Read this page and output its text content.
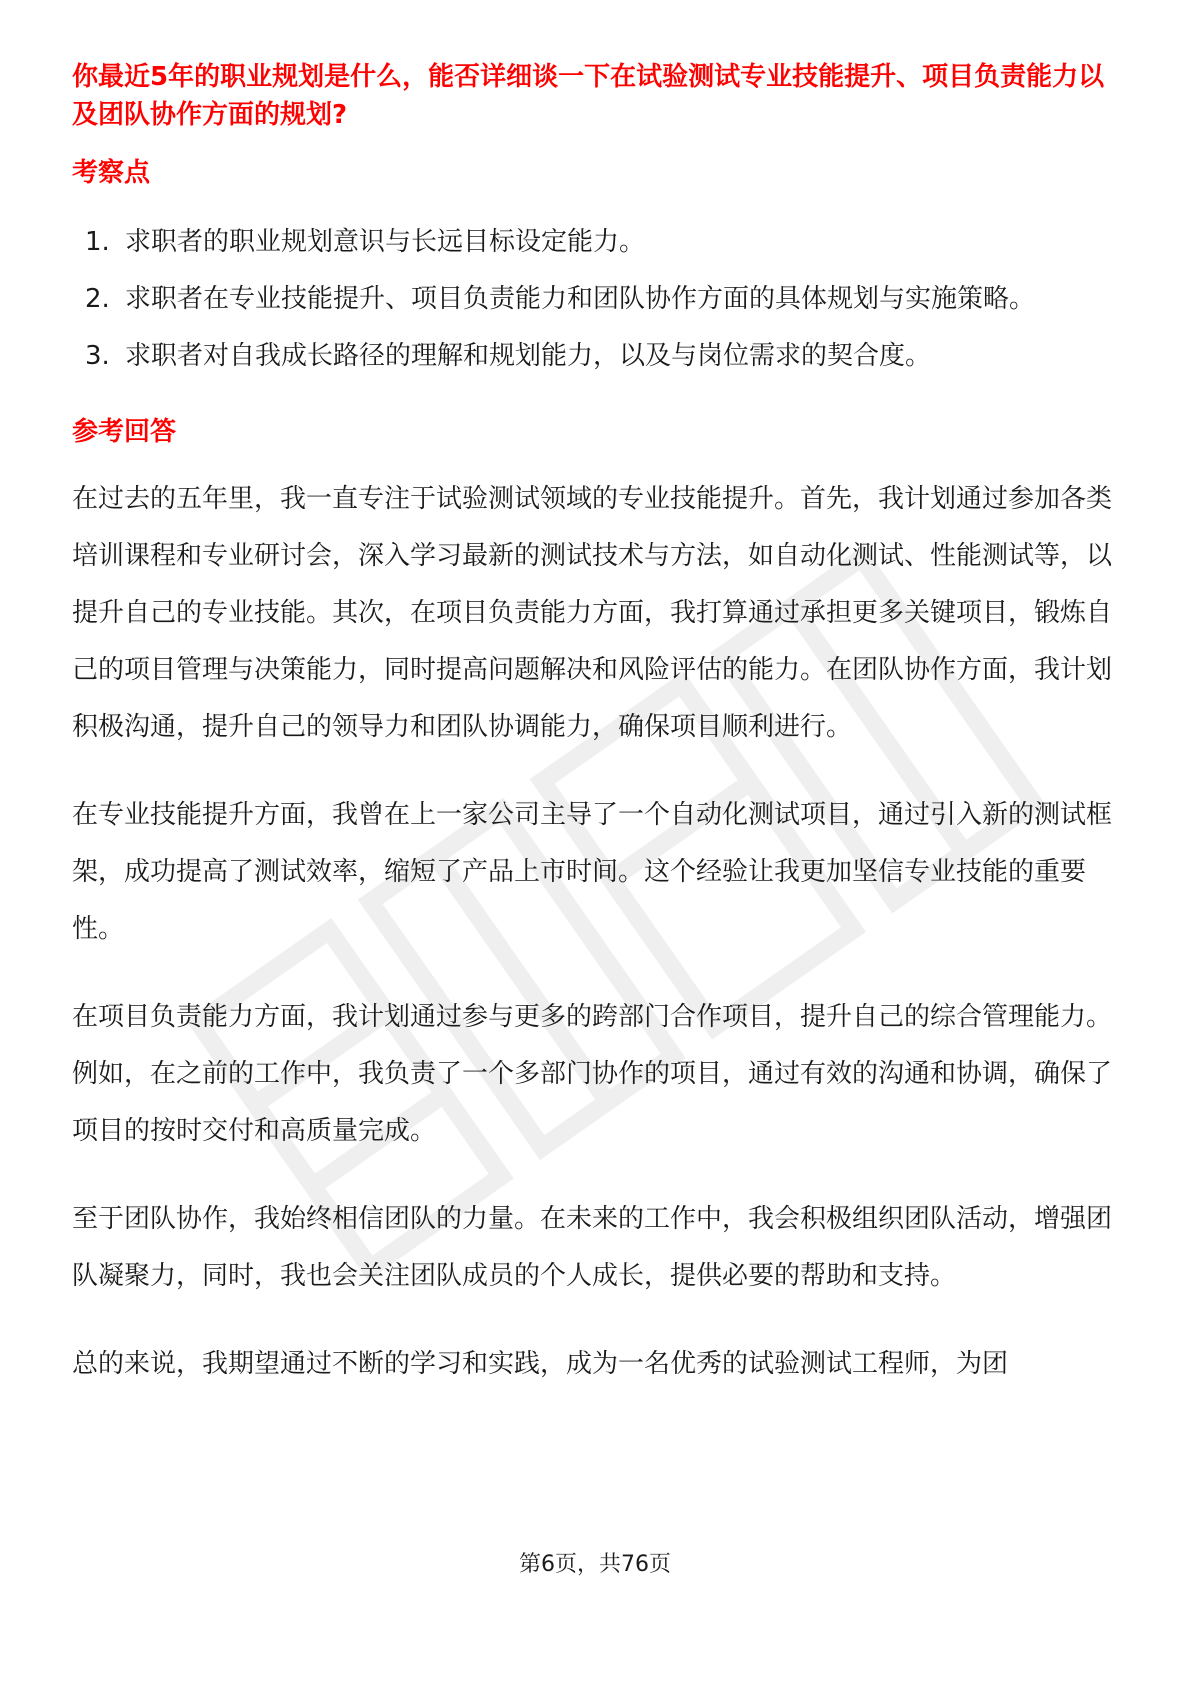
你最近5年的职业规划是什么，能否详细谈一下在试验测试专业技能提升、项目负责能力以及团队协作方面的规划?

考察点

1. 求职者的职业规划意识与长远目标设定能力。
2. 求职者在专业技能提升、项目负责能力和团队协作方面的具体规划与实施策略。
3. 求职者对自我成长路径的理解和规划能力，以及与岗位需求的契合度。

参考回答

在过去的五年里，我一直专注于试验测试领域的专业技能提升。首先，我计划通过参加各类培训课程和专业研讨会，深入学习最新的测试技术与方法，如自动化测试、性能测试等，以提升自己的专业技能。其次，在项目负责能力方面，我打算通过承担更多关键项目，锻炼自己的项目管理与决策能力，同时提高问题解决和风险评估的能力。在团队协作方面，我计划积极沟通，提升自己的领导力和团队协调能力，确保项目顺利进行。

在专业技能提升方面，我曾在上一家公司主导了一个自动化测试项目，通过引入新的测试框架，成功提高了测试效率，缩短了产品上市时间。这个经验让我更加坚信专业技能的重要性。

在项目负责能力方面，我计划通过参与更多的跨部门合作项目，提升自己的综合管理能力。例如，在之前的工作中，我负责了一个多部门协作的项目，通过有效的沟通和协调，确保了项目的按时交付和高质量完成。

至于团队协作，我始终相信团队的力量。在未来的工作中，我会积极组织团队活动，增强团队凝聚力，同时，我也会关注团队成员的个人成长，提供必要的帮助和支持。

总的来说，我期望通过不断的学习和实践，成为一名优秀的试验测试工程师，为团

第6页，共76页
